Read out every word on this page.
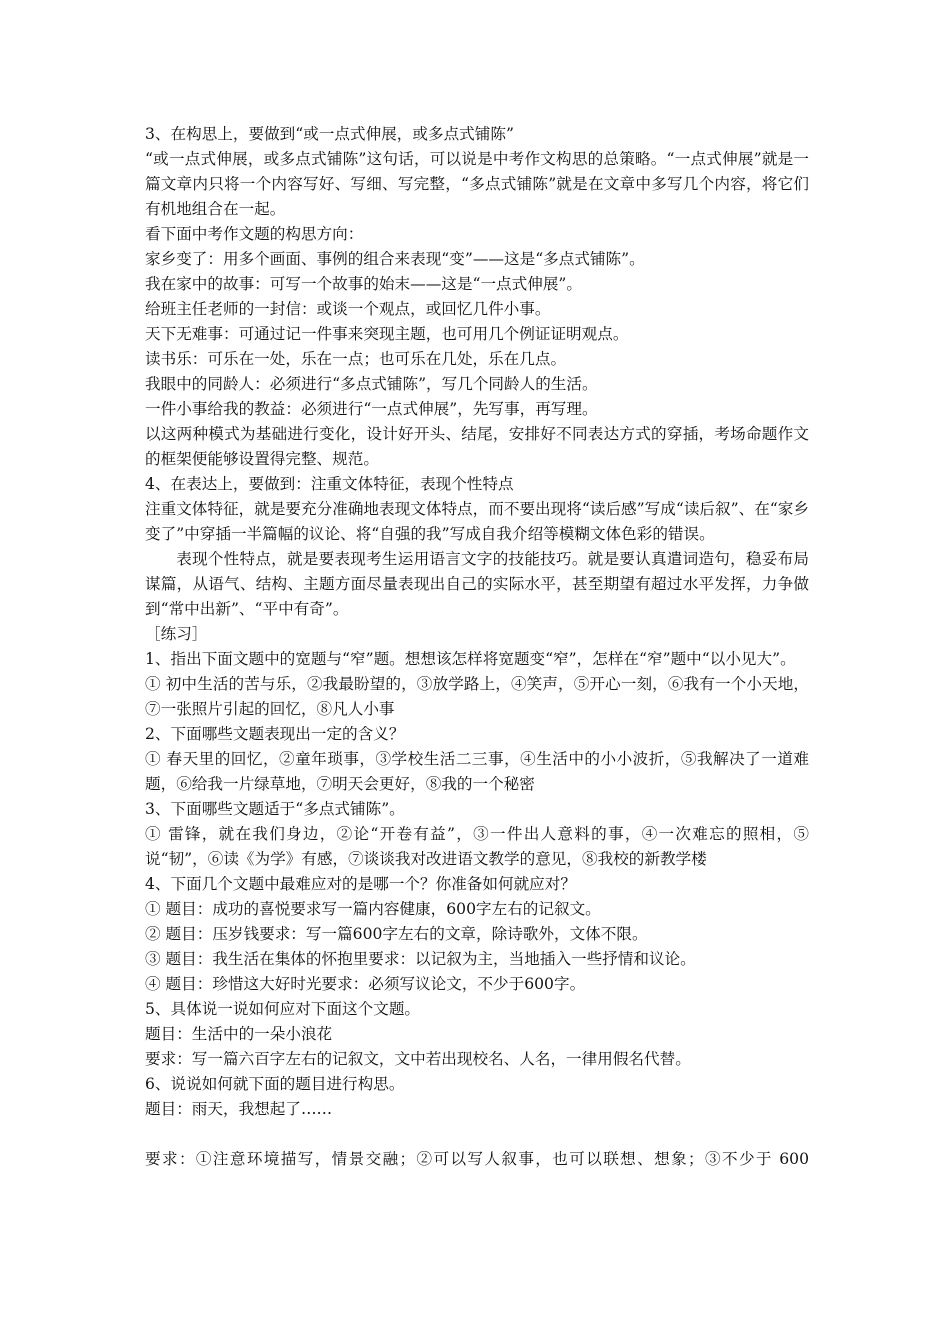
3、在构思上，要做到“或一点式伸展，或多点式铺陈”

“或一点式伸展，或多点式铺陈”这句话，可以说是中考作文构思的总策略。“一点式伸展”就是一篇文章内只将一个内容写好、写细、写完整，“多点式铺陈”就是在文章中多写几个内容，将它们有机地组合在一起。

看下面中考作文题的构思方向：

家乡变了：用多个画面、事例的组合来表现“变”——这是“多点式铺陈”。

我在家中的故事：可写一个故事的始末——这是“一点式伸展”。

给班主任老师的一封信：或谈一个观点，或回忆几件小事。

天下无难事：可通过记一件事来突现主题，也可用几个例证证明观点。

读书乐：可乐在一处，乐在一点；也可乐在几处，乐在几点。

我眼中的同龄人：必须进行“多点式铺陈”，写几个同龄人的生活。

一件小事给我的教益：必须进行“一点式伸展”，先写事，再写理。

以这两种模式为基础进行变化，设计好开头、结尾，安排好不同表达方式的穿插，考场命题作文的框架便能够设置得完整、规范。

4、在表达上，要做到：注重文体特征，表现个性特点

注重文体特征，就是要充分准确地表现文体特点，而不要出现将“读后感”写成“读后叙”、在“家乡变了”中穿插一半篇幅的议论、将“自强的我”写成自我介绍等模糊文体色彩的错误。

表现个性特点，就是要表现考生运用语言文字的技能技巧。就是要认真遣词造句，稳妥布局谋篇，从语气、结构、主题方面尽量表现出自己的实际水平，甚至期望有超过水平发挥，力争做到“常中出新”、“平中有奇”。

［练习］

1、指出下面文题中的宽题与“窄”题。想想该怎样将宽题变“窄”，怎样在“窄”题中“以小见大”。

① 初中生活的苦与乐，②我最盼望的，③放学路上，④笑声，⑤开心一刻，⑥我有一个小天地，⑦一张照片引起的回忆，⑧凡人小事

2、下面哪些文题表现出一定的含义？

① 春天里的回忆，②童年琐事，③学校生活二三事，④生活中的小小波折，⑤我解决了一道难题，⑥给我一片绿草地，⑦明天会更好，⑧我的一个秘密

3、下面哪些文题适于“多点式铺陈”。

① 雷锋，就在我们身边，②论“开卷有益”，③一件出人意料的事，④一次难忘的照相，⑤说“韧”，⑥读《为学》有感，⑦谈谈我对改进语文教学的意见，⑧我校的新教学楼

4、下面几个文题中最难应对的是哪一个？你准备如何就应对？

① 题目：成功的喜悦要求写一篇内容健康，600字左右的记叙文。

② 题目：压岁钱要求：写一篇600字左右的文章，除诗歌外，文体不限。

③ 题目：我生活在集体的怀抱里要求：以记叙为主，当地插入一些抒情和议论。

④ 题目：珍惜这大好时光要求：必须写议论文，不少于600字。

5、具体说一说如何应对下面这个文题。

题目：生活中的一朵小浪花

要求：写一篇六百字左右的记叙文，文中若出现校名、人名，一律用假名代替。

6、说说如何就下面的题目进行构思。

题目：雨天，我想起了……

要求：①注意环境描写，情景交融；②可以写人叙事，也可以联想、想象；③不少于 600
